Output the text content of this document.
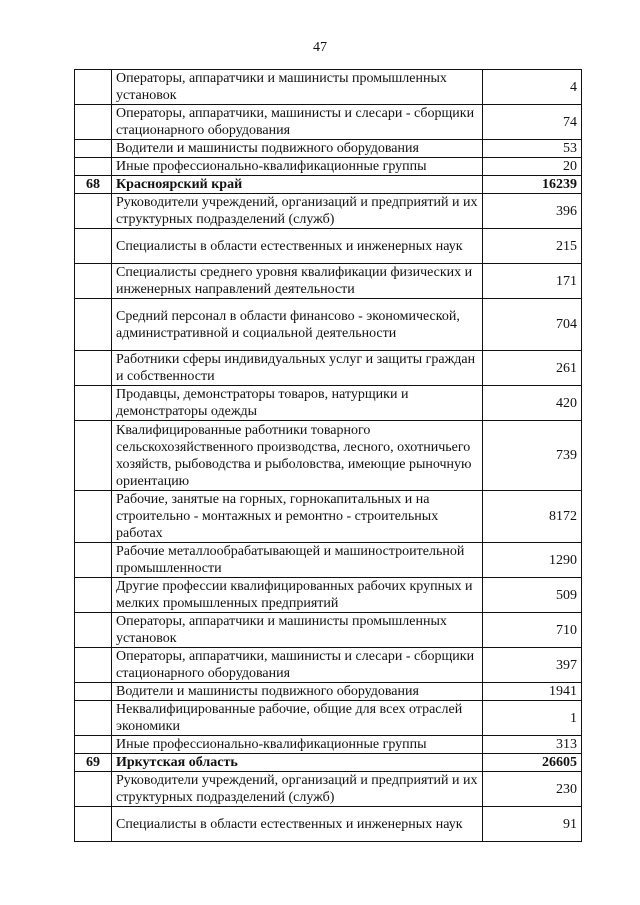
47
	Операторы, аппаратчики и машинисты промышленных установок	4
	Операторы, аппаратчики, машинисты и слесари - сборщики стационарного оборудования	74
	Водители и машинисты подвижного оборудования	53
	Иные профессионально-квалификационные группы	20
68	Красноярский край	16239
	Руководители учреждений, организаций и предприятий и их структурных подразделений (служб)	396
	Специалисты в области естественных и инженерных наук	215
	Специалисты среднего уровня квалификации физических и инженерных направлений деятельности	171
	Средний персонал в области финансово - экономической, административной и социальной деятельности	704
	Работники сферы индивидуальных услуг и защиты граждан и собственности	261
	Продавцы, демонстраторы товаров, натурщики и демонстраторы одежды	420
	Квалифицированные работники товарного сельскохозяйственного производства, лесного, охотничьего хозяйств, рыбоводства и рыболовства, имеющие рыночную ориентацию	739
	Рабочие, занятые на горных, горнокапитальных и на строительно - монтажных и ремонтно - строительных работах	8172
	Рабочие металлообрабатывающей и машиностроительной промышленности	1290
	Другие профессии квалифицированных рабочих крупных и мелких промышленных предприятий	509
	Операторы, аппаратчики и машинисты промышленных установок	710
	Операторы, аппаратчики, машинисты и слесари - сборщики стационарного оборудования	397
	Водители и машинисты подвижного оборудования	1941
	Неквалифицированные рабочие, общие для всех отраслей экономики	1
	Иные профессионально-квалификационные группы	313
69	Иркутская область	26605
	Руководители учреждений, организаций и предприятий и их структурных подразделений (служб)	230
	Специалисты в области естественных и инженерных наук	91
